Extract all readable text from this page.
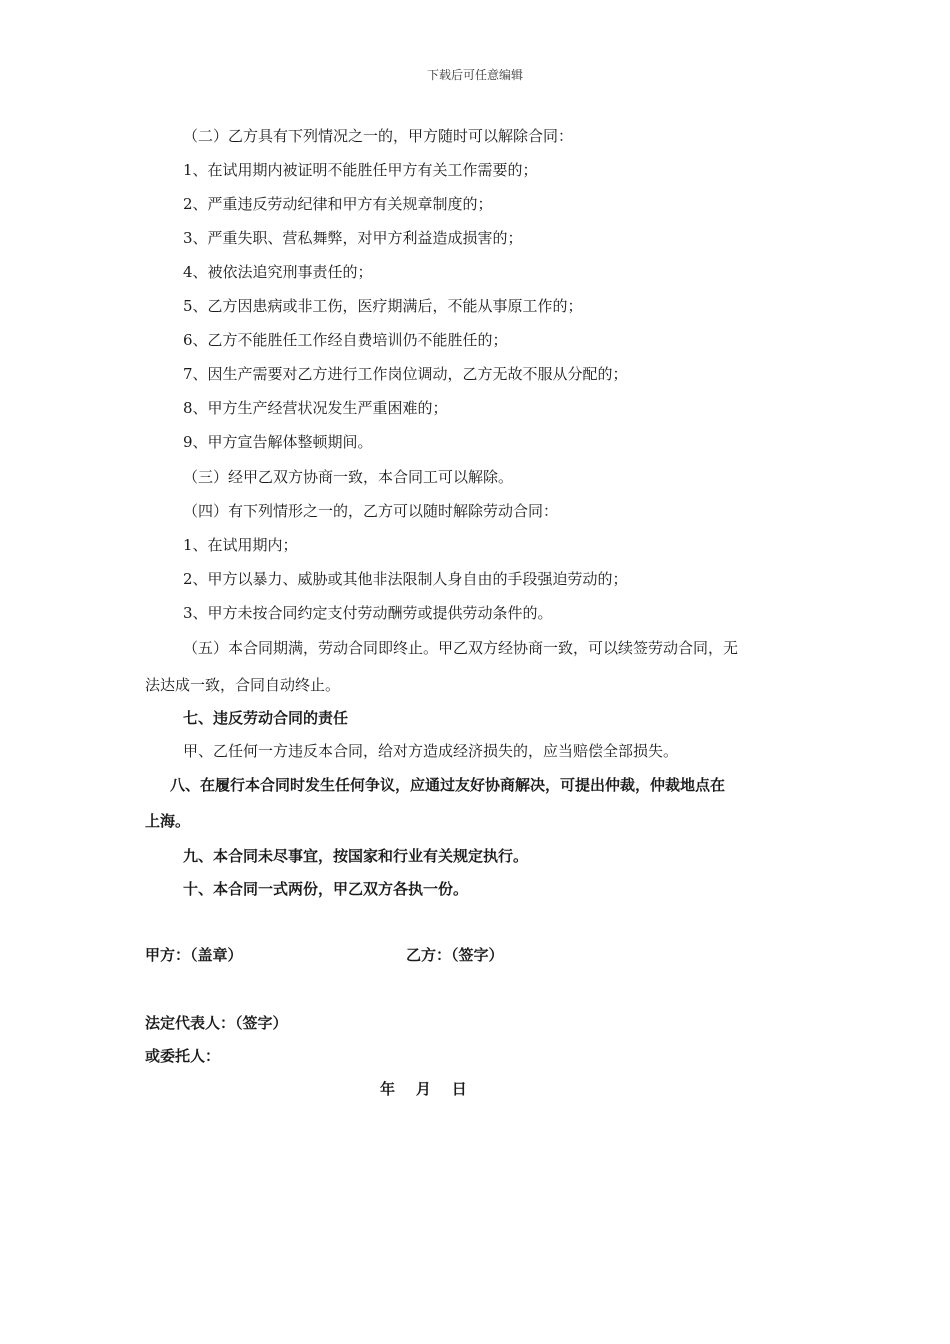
下载后可任意编辑
（二）乙方具有下列情况之一的，甲方随时可以解除合同：
1、在试用期内被证明不能胜任甲方有关工作需要的；
2、严重违反劳动纪律和甲方有关规章制度的；
3、严重失职、营私舞弊，对甲方利益造成损害的；
4、被依法追究刑事责任的；
5、乙方因患病或非工伤，医疗期满后，不能从事原工作的；
6、乙方不能胜任工作经自费培训仍不能胜任的；
7、因生产需要对乙方进行工作岗位调动，乙方无故不服从分配的；
8、甲方生产经营状况发生严重困难的；
9、甲方宣告解体整顿期间。
（三）经甲乙双方协商一致，本合同工可以解除。
（四）有下列情形之一的，乙方可以随时解除劳动合同：
1、在试用期内；
2、甲方以暴力、威胁或其他非法限制人身自由的手段强迫劳动的；
3、甲方未按合同约定支付劳动酬劳或提供劳动条件的。
（五）本合同期满，劳动合同即终止。甲乙双方经协商一致，可以续签劳动合同，无
法达成一致，合同自动终止。
七、违反劳动合同的责任
甲、乙任何一方违反本合同，给对方造成经济损失的，应当赔偿全部损失。
八、在履行本合同时发生任何争议，应通过友好协商解决，可提出仲裁，仲裁地点在
上海。
九、本合同未尽事宜，按国家和行业有关规定执行。
十、本合同一式两份，甲乙双方各执一份。
甲方：（盖章）	乙方：（签字）
法定代表人：（签字）
或委托人：
年    月    日
